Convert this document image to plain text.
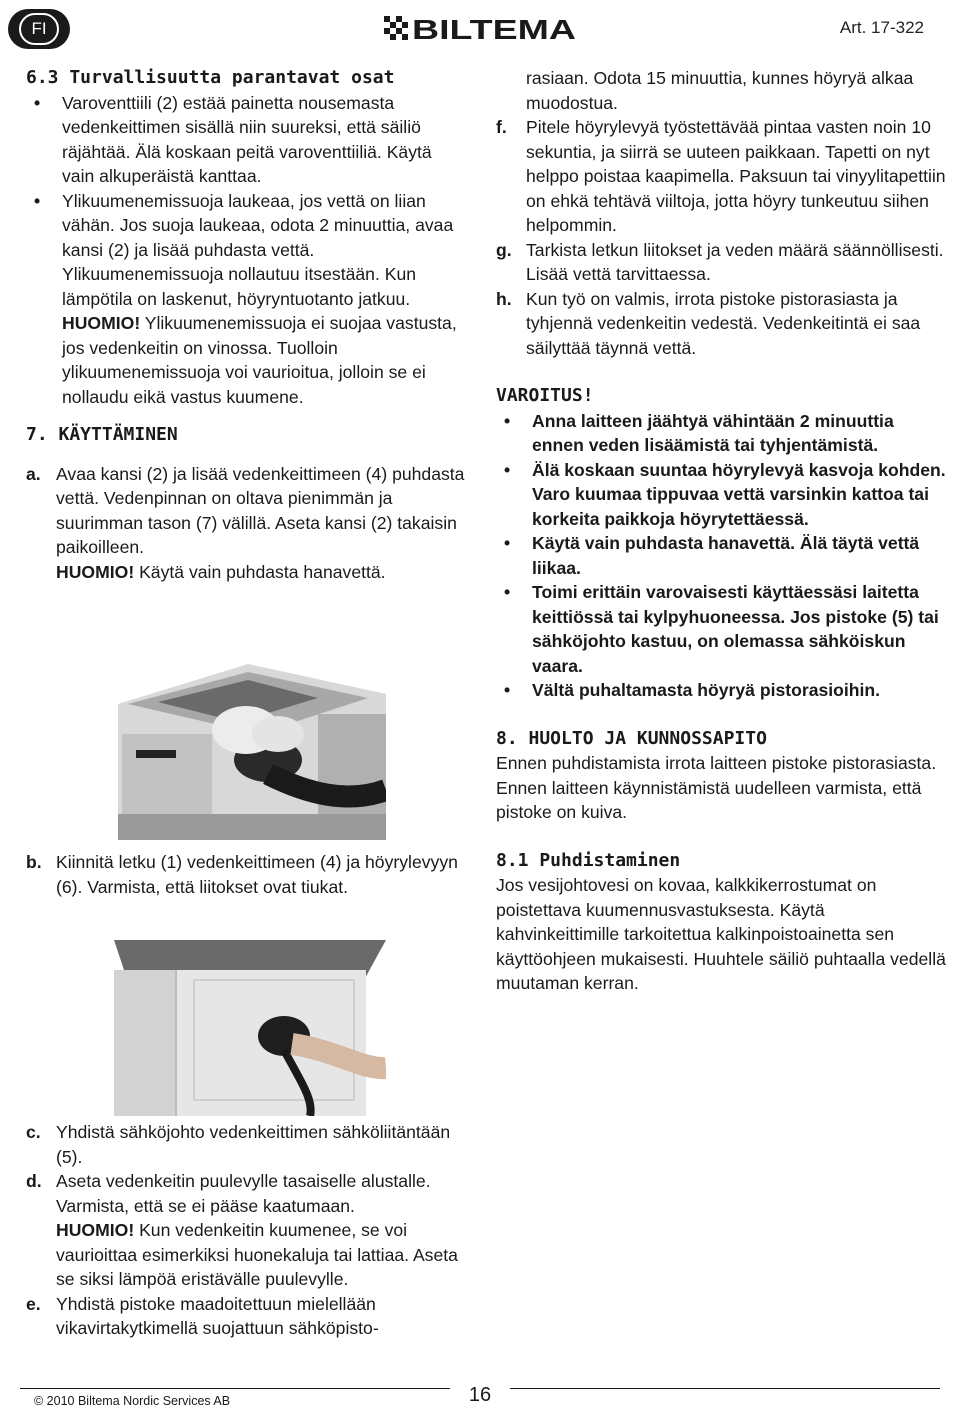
FI	BILTEMA	Art. 17-322
6.3 Turvallisuutta parantavat osat
• Varoventtiili (2) estää painetta nousemasta vedenkeittimen sisällä niin suureksi, että säiliö räjähtää. Älä koskaan peitä varoventtiiliä. Käytä vain alkuperäistä kanttaa.
• Ylikuumenemissuoja laukeaa, jos vettä on liian vähän. Jos suoja laukeaa, odota 2 minuuttia, avaa kansi (2) ja lisää puhdasta vettä. Ylikuumenemissuoja nollautuu itsestään. Kun lämpötila on laskenut, höyryntuotanto jatkuu.
HUOMIO! Ylikuumenemissuoja ei suojaa vastusta, jos vedenkeitin on vinossa. Tuolloin ylikuumenemissuoja voi vaurioitua, jolloin se ei nollaudu eikä vastus kuumene.
7. KÄYTTÄMINEN
a. Avaa kansi (2) ja lisää vedenkeittimeen (4) puhdasta vettä. Vedenpinnan on oltava pienimmän ja suurimman tason (7) välillä. Aseta kansi (2) takaisin paikoilleen.
HUOMIO! Käytä vain puhdasta hanavettä.
b. Kiinnitä letku (1) vedenkeittimeen (4) ja höyrylevyyn (6). Varmista, että liitokset ovat tiukat.
c. Yhdistä sähköjohto vedenkeittimen sähköliitäntään (5).
d. Aseta vedenkeitin puulevylle tasaiselle alustalle. Varmista, että se ei pääse kaatumaan.
HUOMIO! Kun vedenkeitin kuumenee, se voi vaurioittaa esimerkiksi huonekaluja tai lattiaa. Aseta se siksi lämpöä eristävälle puulevylle.
e. Yhdistä pistoke maadoitettuun mielellään vikavirtakytkimellä suojattuun sähköpisto-

rasiaan. Odota 15 minuuttia, kunnes höyryä alkaa muodostua.

f. Pitele höyrylevyä työstettävää pintaa vasten noin 10 sekuntia, ja siirrä se uuteen paikkaan. Tapetti on nyt helppo poistaa kaapimella. Paksuun tai vinyylitapettiin on ehkä tehtävä viiltoja, jotta höyry tunkeutuu siihen helpommin.
g. Tarkista letkun liitokset ja veden määrä säännöllisesti. Lisää vettä tarvittaessa.
h. Kun työ on valmis, irrota pistoke pistorasiasta ja tyhjennä vedenkeitin vedestä. Vedenkeitintä ei saa säilyttää täynnä vettä.
VAROITUS!
• Anna laitteen jäähtyä vähintään 2 minuuttia ennen veden lisäämistä tai tyhjentämistä.
• Älä koskaan suuntaa höyrylevyä kasvoja kohden. Varo kuumaa tippuvaa vettä varsinkin kattoa tai korkeita paikkoja höyrytettäessä.
• Käytä vain puhdasta hanavettä. Älä täytä vettä liikaa.
• Toimi erittäin varovaisesti käyttäessäsi laitetta keittiössä tai kylpyhuoneessa. Jos pistoke (5) tai sähköjohto kastuu, on olemassa sähköiskun vaara.
• Vältä puhaltamasta höyryä pistorasioihin.
8. HUOLTO JA KUNNOSSAPITO

Ennen puhdistamista irrota laitteen pistoke pistorasiasta. Ennen laitteen käynnistämistä uudelleen varmista, että pistoke on kuiva.

8.1 Puhdistaminen

Jos vesijohtovesi on kovaa, kalkkikerrostumat on poistettava kuumennusvastuksesta. Käytä kahvinkeittimille tarkoitettua kalkinpoistoainetta sen käyttöohjeen mukaisesti. Huuhtele säiliö puhtaalla vedellä muutaman kerran.

© 2010 Biltema Nordic Services AB	16
